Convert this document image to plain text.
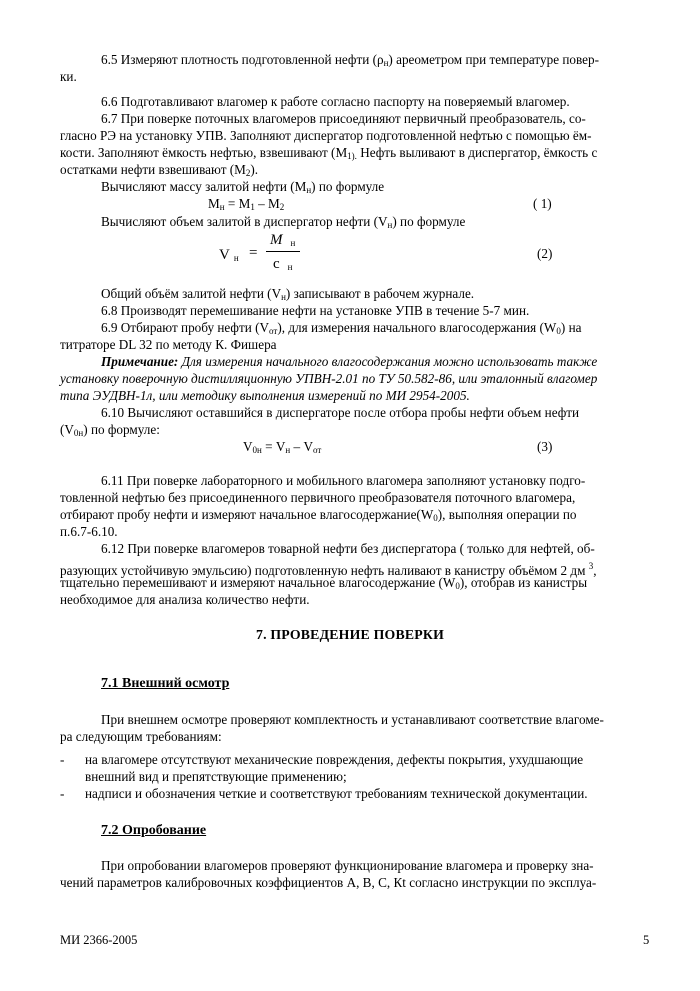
6.5 Измеряют плотность подготовленной нефти (ρн) ареометром при температуре повер-
ки.
6.6 Подготавливают влагомер к работе согласно паспорту на поверяемый влагомер.
6.7 При поверке поточных влагомеров присоединяют первичный преобразователь, со-
гласно РЭ на установку УПВ. Заполняют диспергатор подготовленной нефтью с помощью ём-
кости. Заполняют ёмкость нефтью, взвешивают (М1). Нефть выливают в диспергатор, ёмкость с
остатками нефти взвешивают (М2).
Вычисляют массу залитой нефти (Мн) по формуле
Мн = М1 – М2	( 1)
Вычисляют объем залитой в диспергатор нефти (Vн) по формуле
Vн =
Mн
сн
(2)
Общий объём залитой нефти (Vн) записывают в рабочем журнале.
6.8 Производят перемешивание нефти на установке УПВ в течение 5-7 мин.
6.9 Отбирают пробу нефти (Vот), для измерения начального влагосодержания (W0) на
титраторе DL 32 по методу К. Фишера
Примечание: Для измерения начального влагосодержания можно использовать также
установку поверочную дистилляционную УПВН-2.01 по ТУ 50.582-86, или эталонный влагомер
типа ЭУДВН-1л, или методику выполнения измерений по МИ 2954-2005.
6.10 Вычисляют оставшийся в диспергаторе после отбора пробы нефти объем нефти
(V0н) по формуле:
V0н = Vн – Vот	(3)
6.11 При поверке лабораторного и мобильного влагомера заполняют установку подго-
товленной нефтью без присоединенного первичного преобразователя поточного влагомера,
отбирают пробу нефти и измеряют начальное влагосодержание(W0), выполняя операции по
п.6.7-6.10.
6.12 При поверке влагомеров товарной нефти без диспергатора ( только для нефтей, об-
разующих устойчивую эмульсию) подготовленную нефть наливают в канистру объёмом 2 дм $^3$,
тщательно перемешивают и измеряют начальное влагосодержание (W0), отобрав из канистры
необходимое для анализа количество нефти.
7. ПРОВЕДЕНИЕ ПОВЕРКИ
7.1 Внешний осмотр
При внешнем осмотре проверяют комплектность и устанавливают соответствие влагоме-
ра следующим требованиям:
- на влагомере отсутствуют механические повреждения, дефекты покрытия, ухудшающие
внешний вид и препятствующие применению;
- надписи и обозначения четкие и соответствуют требованиям технической документации.
7.2 Опробование
При опробовании влагомеров проверяют функционирование влагомера и проверку зна-
чений параметров калибровочных коэффициентов А, В, С, Кt согласно инструкции по эксплуа-
МИ 2366-2005	5
